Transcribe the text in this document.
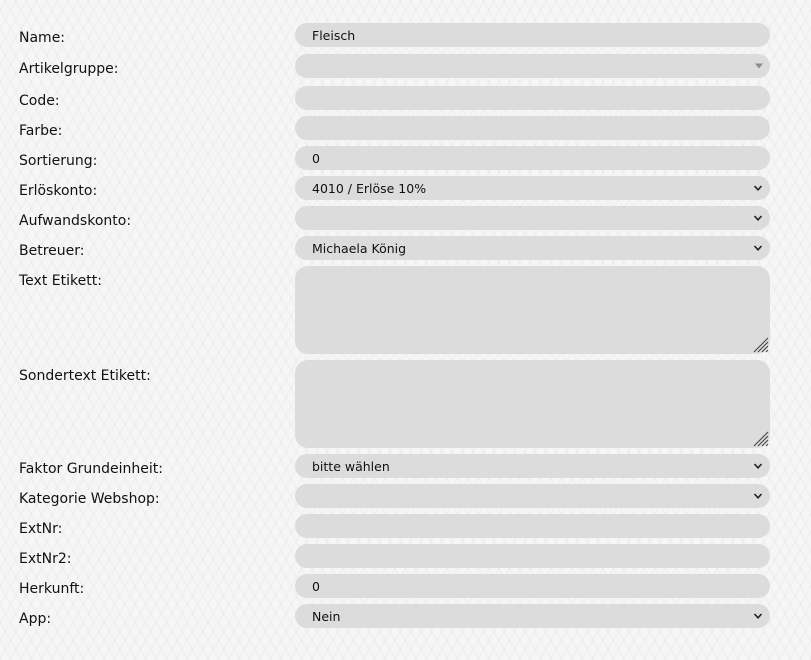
Name:	Fleisch
Artikelgruppe:
Code:
Farbe:
Sortierung:	0
Erlöskonto:	4010 / Erlöse 10%
Aufwandskonto:
Betreuer:	Michaela König
Text Etikett:
Sondertext Etikett:
Faktor Grundeinheit:	bitte wählen
Kategorie Webshop:
ExtNr:
ExtNr2:
Herkunft:	0
App:	Nein
